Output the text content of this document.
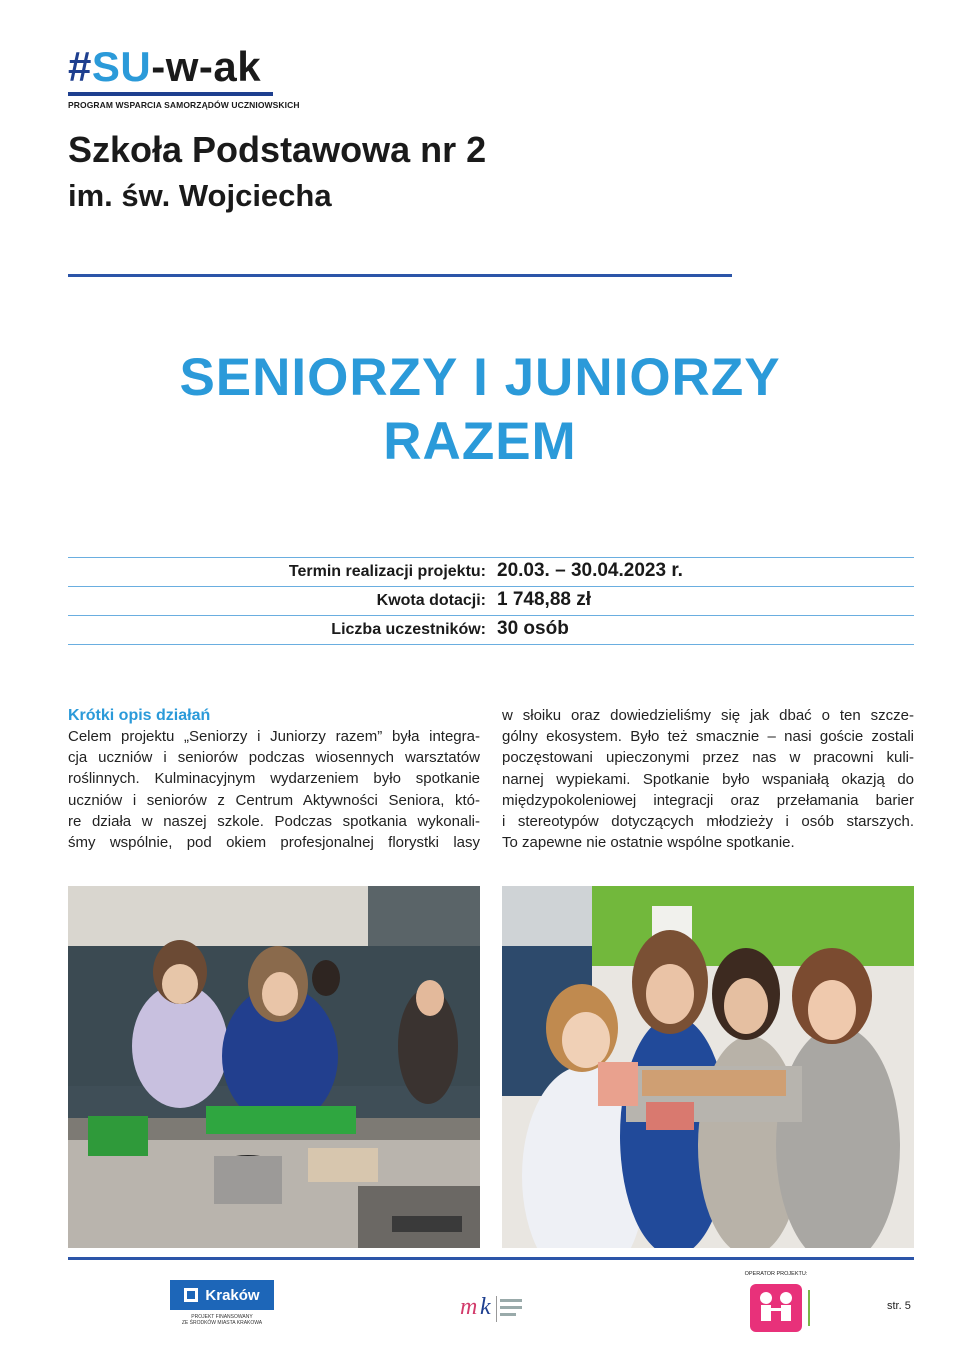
#SU-w-ak
PROGRAM WSPARCIA SAMORZĄDÓW UCZNIOWSKICH
Szkoła Podstawowa nr 2
im. św. Wojciecha
SENIORZY I JUNIORZY
RAZEM
Termin realizacji projektu: 20.03. – 30.04.2023 r.
Kwota dotacji: 1 748,88 zł
Liczba uczestników: 30 osób
Krótki opis działań

Celem projektu „Seniorzy i Juniorzy razem” była integra-

cja uczniów i seniorów podczas wiosennych warsztatów

roślinnych. Kulminacyjnym wydarzeniem było spotkanie

uczniów i seniorów z Centrum Aktywności Seniora, któ-

re działa w naszej szkole. Podczas spotkania wykonali-

śmy wspólnie, pod okiem profesjonalnej florystki lasy

w słoiku oraz dowiedzieliśmy się jak dbać o ten szcze-

gólny ekosystem. Było też smacznie – nasi goście zostali

poczęstowani upieczonymi przez nas w pracowni kuli-

narnej wypiekami. Spotkanie było wspaniałą okazją do

międzypokoleniowej integracji oraz przełamania barier

i stereotypów dotyczących młodzieży i osób starszych.

To zapewne nie ostatnie wspólne spotkanie.

Kraków
PROJEKT FINANSOWANY
ZE ŚRODKÓW MIASTA KRAKOWA
m k
OPERATOR PROJEKTU:
str. 5
